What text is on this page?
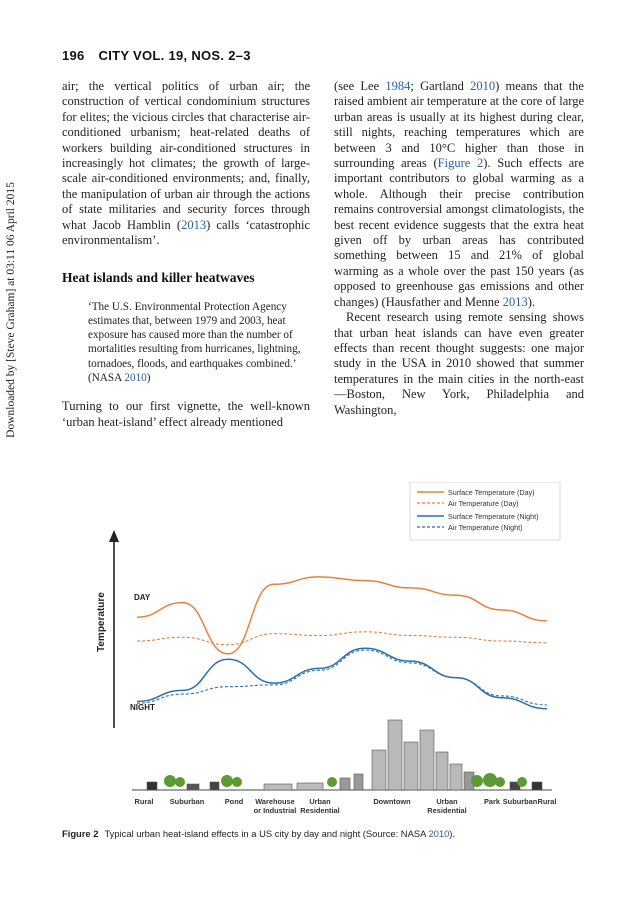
Downloaded by [Steve Graham] at 03:11 06 April 2015
196 CITY VOL. 19, NOS. 2–3

air; the vertical politics of urban air; the construction of vertical condominium structures for elites; the vicious circles that characterise air-conditioned urbanism; heat-related deaths of workers building air-conditioned structures in increasingly hot climates; the growth of large-scale air-conditioned environments; and, finally, the manipulation of urban air through the actions of state militaries and security forces through what Jacob Hamblin (2013) calls ‘catastrophic environmentalism’.

Heat islands and killer heatwaves
‘The U.S. Environmental Protection Agency estimates that, between 1979 and 2003, heat exposure has caused more than the number of mortalities resulting from hurricanes, lightning, tornadoes, floods, and earthquakes combined.’ (NASA 2010)

Turning to our first vignette, the well-known ‘urban heat-island’ effect already mentioned

(see Lee 1984; Gartland 2010) means that the raised ambient air temperature at the core of large urban areas is usually at its highest during clear, still nights, reaching temperatures which are between 3 and 10°C higher than those in surrounding areas (Figure 2). Such effects are important contributors to global warming as a whole. Although their precise contribution remains controversial amongst climatologists, the best recent evidence suggests that the extra heat given off by urban areas has contributed something between 15 and 21% of global warming as a whole over the past 150 years (as opposed to greenhouse gas emissions and other changes) (Hausfather and Menne 2013).

Recent research using remote sensing shows that urban heat islands can have even greater effects than recent thought suggests: one major study in the USA in 2010 showed that summer temperatures in the main cities in the north-east—Boston, New York, Philadelphia and Washington,

Surface Temperature (Day)
Air Temperature (Day)
Surface Temperature (Night)
Air Temperature (Night)
Temperature	DAY
NIGHT
Rural Suburban	Pond Warehouse or Industrial
Urban Residential
Downtown	Urban Residential
Park Suburban Rural
Figure 2 Typical urban heat-island effects in a US city by day and night (Source: NASA 2010).
